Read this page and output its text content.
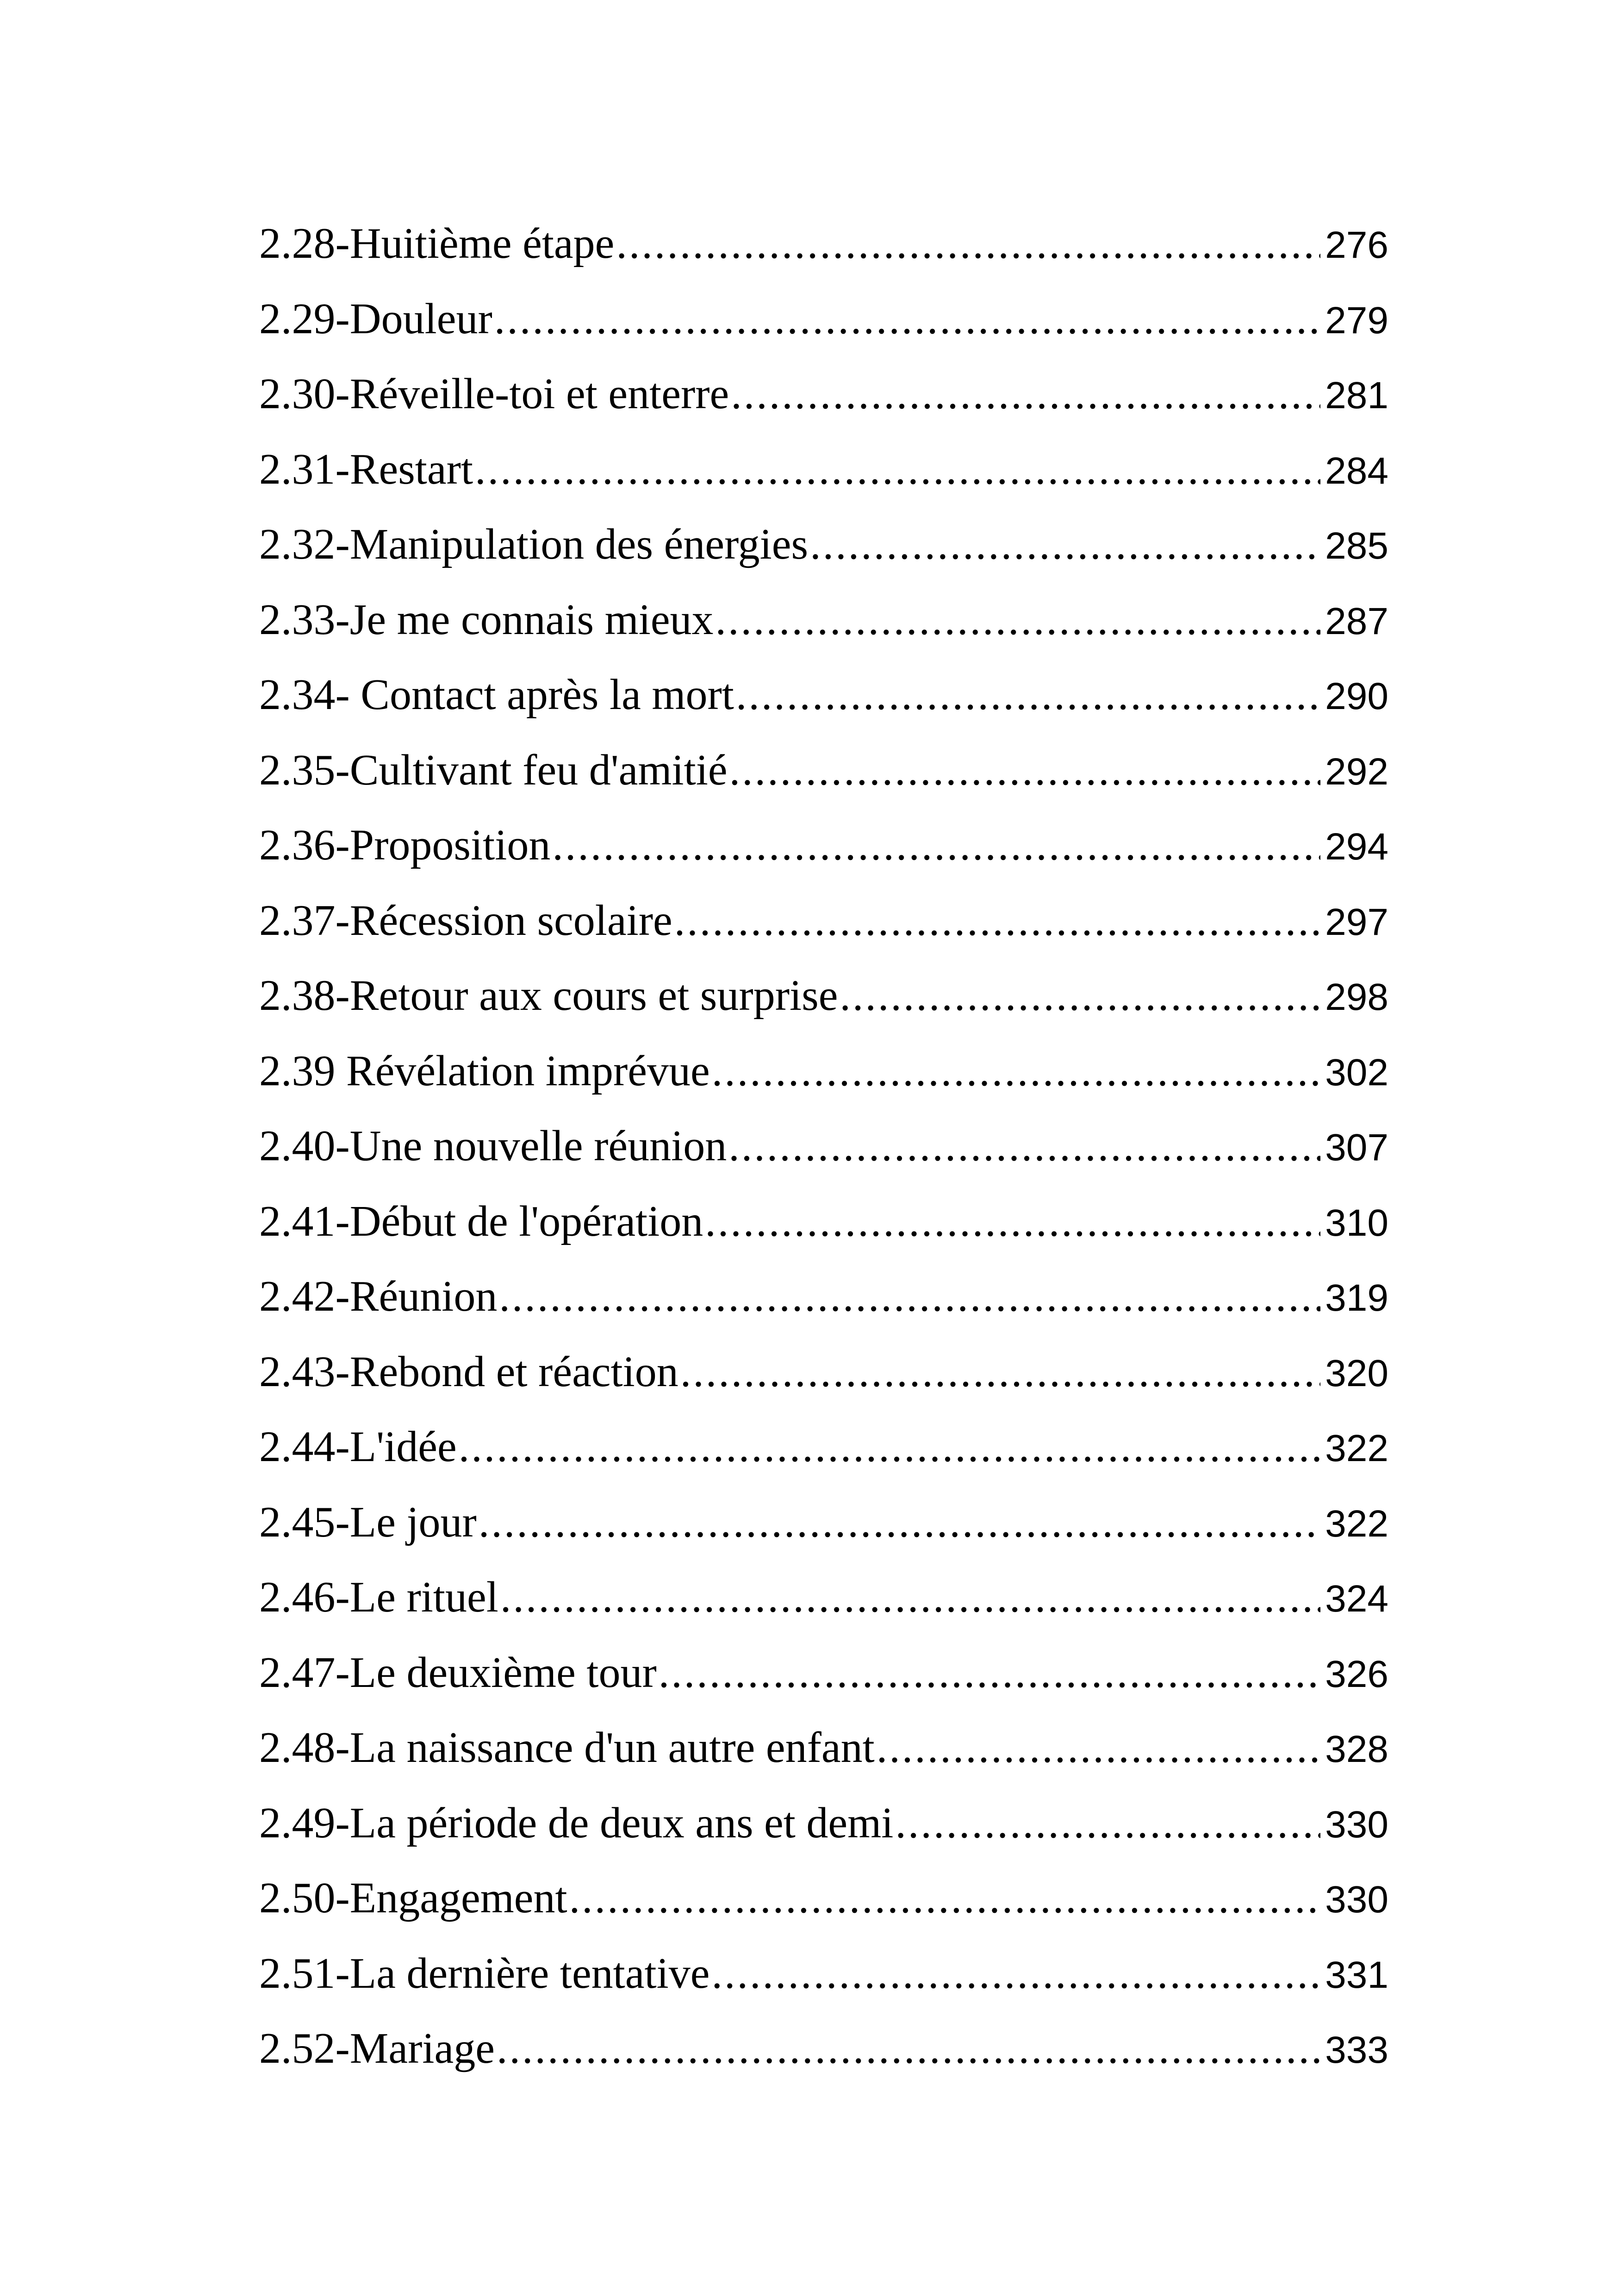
2.28-Huitième étape .....	276
2.29-Douleur .....	279
2.30-Réveille-toi et enterre .....	281
2.31-Restart .....	284
2.32-Manipulation des énergies .....	285
2.33-Je me connais mieux .....	287
2.34- Contact après la mort .....	290
2.35-Cultivant feu d'amitié .....	292
2.36-Proposition .....	294
2.37-Récession scolaire .....	297
2.38-Retour aux cours et surprise .....	298
2.39 Révélation imprévue .....	302
2.40-Une nouvelle réunion .....	307
2.41-Début de l'opération .....	310
2.42-Réunion .....	319
2.43-Rebond et réaction .....	320
2.44-L'idée .....	322
2.45-Le jour .....	322
2.46-Le rituel .....	324
2.47-Le deuxième tour .....	326
2.48-La naissance d'un autre enfant .....	328
2.49-La période de deux ans et demi .....	330
2.50-Engagement .....	330
2.51-La dernière tentative .....	331
2.52-Mariage .....	333
